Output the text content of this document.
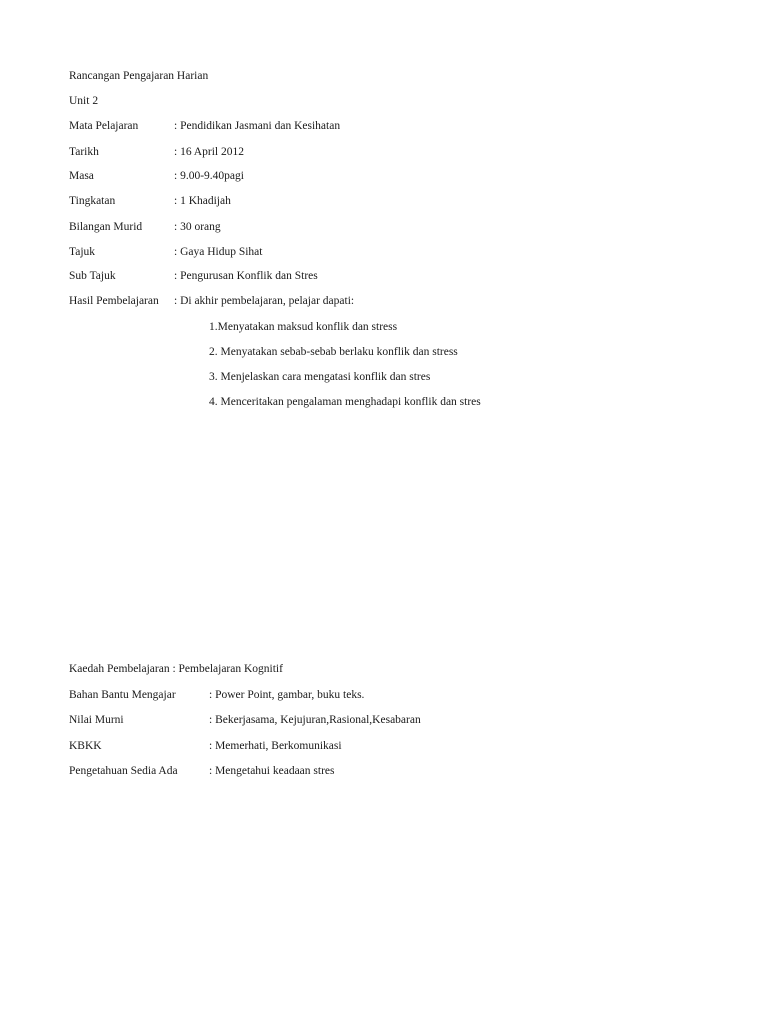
Rancangan Pengajaran Harian
Unit 2
Mata Pelajaran	: Pendidikan Jasmani dan Kesihatan
Tarikh	: 16 April 2012
Masa	: 9.00-9.40pagi
Tingkatan	: 1 Khadijah
Bilangan Murid	: 30 orang
Tajuk	: Gaya Hidup Sihat
Sub Tajuk	: Pengurusan Konflik dan Stres
Hasil Pembelajaran : Di akhir pembelajaran, pelajar dapati:
1.Menyatakan maksud konflik dan stress
2. Menyatakan sebab-sebab berlaku konflik dan stress
3. Menjelaskan cara mengatasi konflik dan stres
4. Menceritakan pengalaman menghadapi konflik dan stres
Kaedah Pembelajaran : Pembelajaran Kognitif
Bahan Bantu Mengajar	: Power Point, gambar, buku teks.
Nilai Murni	: Bekerjasama, Kejujuran,Rasional,Kesabaran
KBKK	: Memerhati, Berkomunikasi
Pengetahuan Sedia Ada	: Mengetahui keadaan stres
